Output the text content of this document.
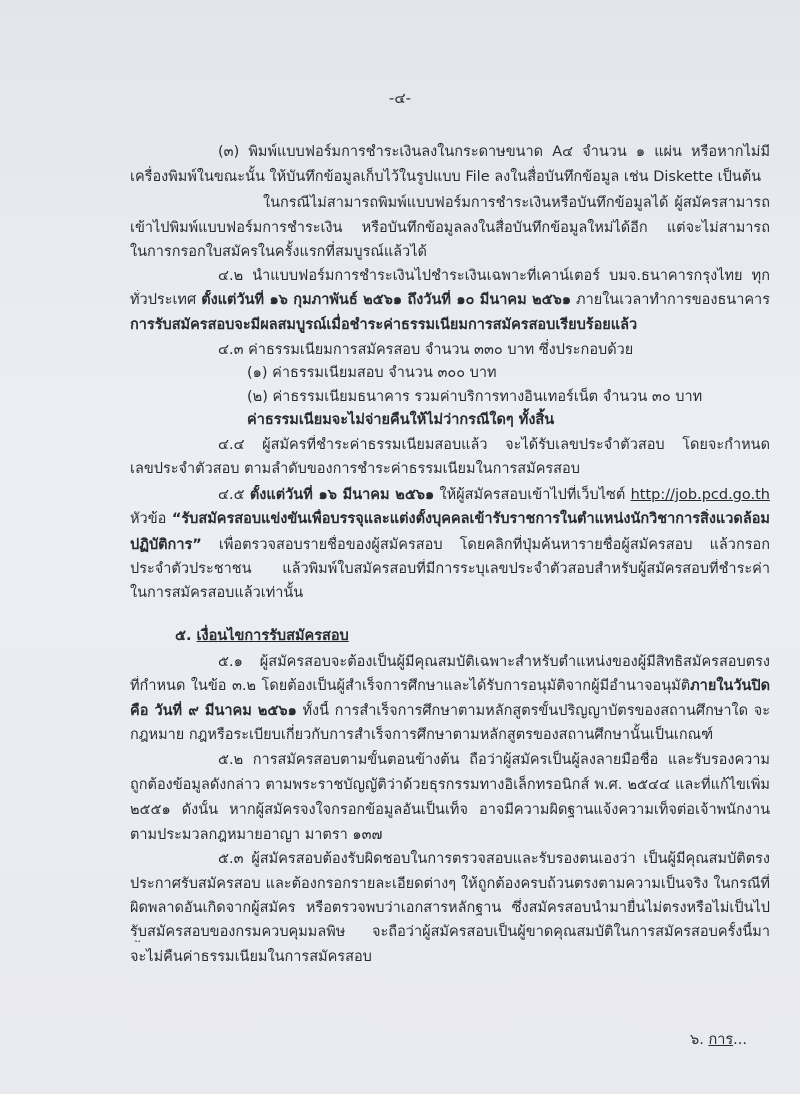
-๔-
(๓) พิมพ์แบบฟอร์มการชำระเงินลงในกระดาษขนาด A๔ จำนวน ๑ แผ่น หรือหากไม่มี
เครื่องพิมพ์ในขณะนั้น ให้บันทึกข้อมูลเก็บไว้ในรูปแบบ File ลงในสื่อบันทึกข้อมูล เช่น Diskette เป็นต้น
ในกรณีไม่สามารถพิมพ์แบบฟอร์มการชำระเงินหรือบันทึกข้อมูลได้ ผู้สมัครสามารถ
เข้าไปพิมพ์แบบฟอร์มการชำระเงิน หรือบันทึกข้อมูลลงในสื่อบันทึกข้อมูลใหม่ได้อีก แต่จะไม่สามารถ
ในการกรอกใบสมัครในครั้งแรกที่สมบูรณ์แล้วได้
๔.๒ นำแบบฟอร์มการชำระเงินไปชำระเงินเฉพาะที่เคาน์เตอร์ บมจ.ธนาคารกรุงไทย ทุก
ทั่วประเทศ ตั้งแต่วันที่ ๑๖ กุมภาพันธ์ ๒๕๖๑ ถึงวันที่ ๑๐ มีนาคม ๒๕๖๑ ภายในเวลาทำการของธนาคาร
การรับสมัครสอบจะมีผลสมบูรณ์เมื่อชำระค่าธรรมเนียมการสมัครสอบเรียบร้อยแล้ว
๔.๓ ค่าธรรมเนียมการสมัครสอบ จำนวน ๓๓๐ บาท ซึ่งประกอบด้วย
(๑) ค่าธรรมเนียมสอบ จำนวน ๓๐๐ บาท
(๒) ค่าธรรมเนียมธนาคาร รวมค่าบริการทางอินเทอร์เน็ต จำนวน ๓๐ บาท
ค่าธรรมเนียมจะไม่จ่ายคืนให้ไม่ว่ากรณีใดๆ ทั้งสิ้น
๔.๔ ผู้สมัครที่ชำระค่าธรรมเนียมสอบแล้ว จะได้รับเลขประจำตัวสอบ โดยจะกำหนด
เลขประจำตัวสอบ ตามลำดับของการชำระค่าธรรมเนียมในการสมัครสอบ
๔.๕ ตั้งแต่วันที่ ๑๖ มีนาคม ๒๕๖๑ ให้ผู้สมัครสอบเข้าไปที่เว็บไซต์ http://job.pcd.go.th
หัวข้อ “รับสมัครสอบแข่งขันเพื่อบรรจุและแต่งตั้งบุคคลเข้ารับราชการในตำแหน่งนักวิชาการสิ่งแวดล้อม
ปฏิบัติการ” เพื่อตรวจสอบรายชื่อของผู้สมัครสอบ โดยคลิกที่ปุ่มค้นหารายชื่อผู้สมัครสอบ แล้วกรอก
ประจำตัวประชาชน แล้วพิมพ์ใบสมัครสอบที่มีการระบุเลขประจำตัวสอบสำหรับผู้สมัครสอบที่ชำระค่า
ในการสมัครสอบแล้วเท่านั้น
๕. เงื่อนไขการรับสมัครสอบ
๕.๑ ผู้สมัครสอบจะต้องเป็นผู้มีคุณสมบัติเฉพาะสำหรับตำแหน่งของผู้มีสิทธิสมัครสอบตรง
ที่กำหนด ในข้อ ๓.๒ โดยต้องเป็นผู้สำเร็จการศึกษาและได้รับการอนุมัติจากผู้มีอำนาจอนุมัติภายในวันปิด
คือ วันที่ ๙ มีนาคม ๒๕๖๑ ทั้งนี้ การสำเร็จการศึกษาตามหลักสูตรขั้นปริญญาบัตรของสถานศึกษาใด จะ
กฎหมาย กฎหรือระเบียบเกี่ยวกับการสำเร็จการศึกษาตามหลักสูตรของสถานศึกษานั้นเป็นเกณฑ์
๕.๒ การสมัครสอบตามขั้นตอนข้างต้น ถือว่าผู้สมัครเป็นผู้ลงลายมือชื่อ และรับรองความ
ถูกต้องข้อมูลดังกล่าว ตามพระราชบัญญัติว่าด้วยธุรกรรมทางอิเล็กทรอนิกส์ พ.ศ. ๒๕๔๔ และที่แก้ไขเพิ่ม
๒๕๕๑ ดังนั้น หากผู้สมัครจงใจกรอกข้อมูลอันเป็นเท็จ อาจมีความผิดฐานแจ้งความเท็จต่อเจ้าพนักงาน
ตามประมวลกฎหมายอาญา มาตรา ๑๓๗
๕.๓ ผู้สมัครสอบต้องรับผิดชอบในการตรวจสอบและรับรองตนเองว่า เป็นผู้มีคุณสมบัติตรง
ประกาศรับสมัครสอบ และต้องกรอกรายละเอียดต่างๆ ให้ถูกต้องครบถ้วนตรงตามความเป็นจริง ในกรณีที่
ผิดพลาดอันเกิดจากผู้สมัคร หรือตรวจพบว่าเอกสารหลักฐาน ซึ่งสมัครสอบนำมายื่นไม่ตรงหรือไม่เป็นไป
รับสมัครสอบของกรมควบคุมมลพิษ จะถือว่าผู้สมัครสอบเป็นผู้ขาดคุณสมบัติในการสมัครสอบครั้งนี้มา
จะไม่คืนค่าธรรมเนียมในการสมัครสอบ
๖. การ...
